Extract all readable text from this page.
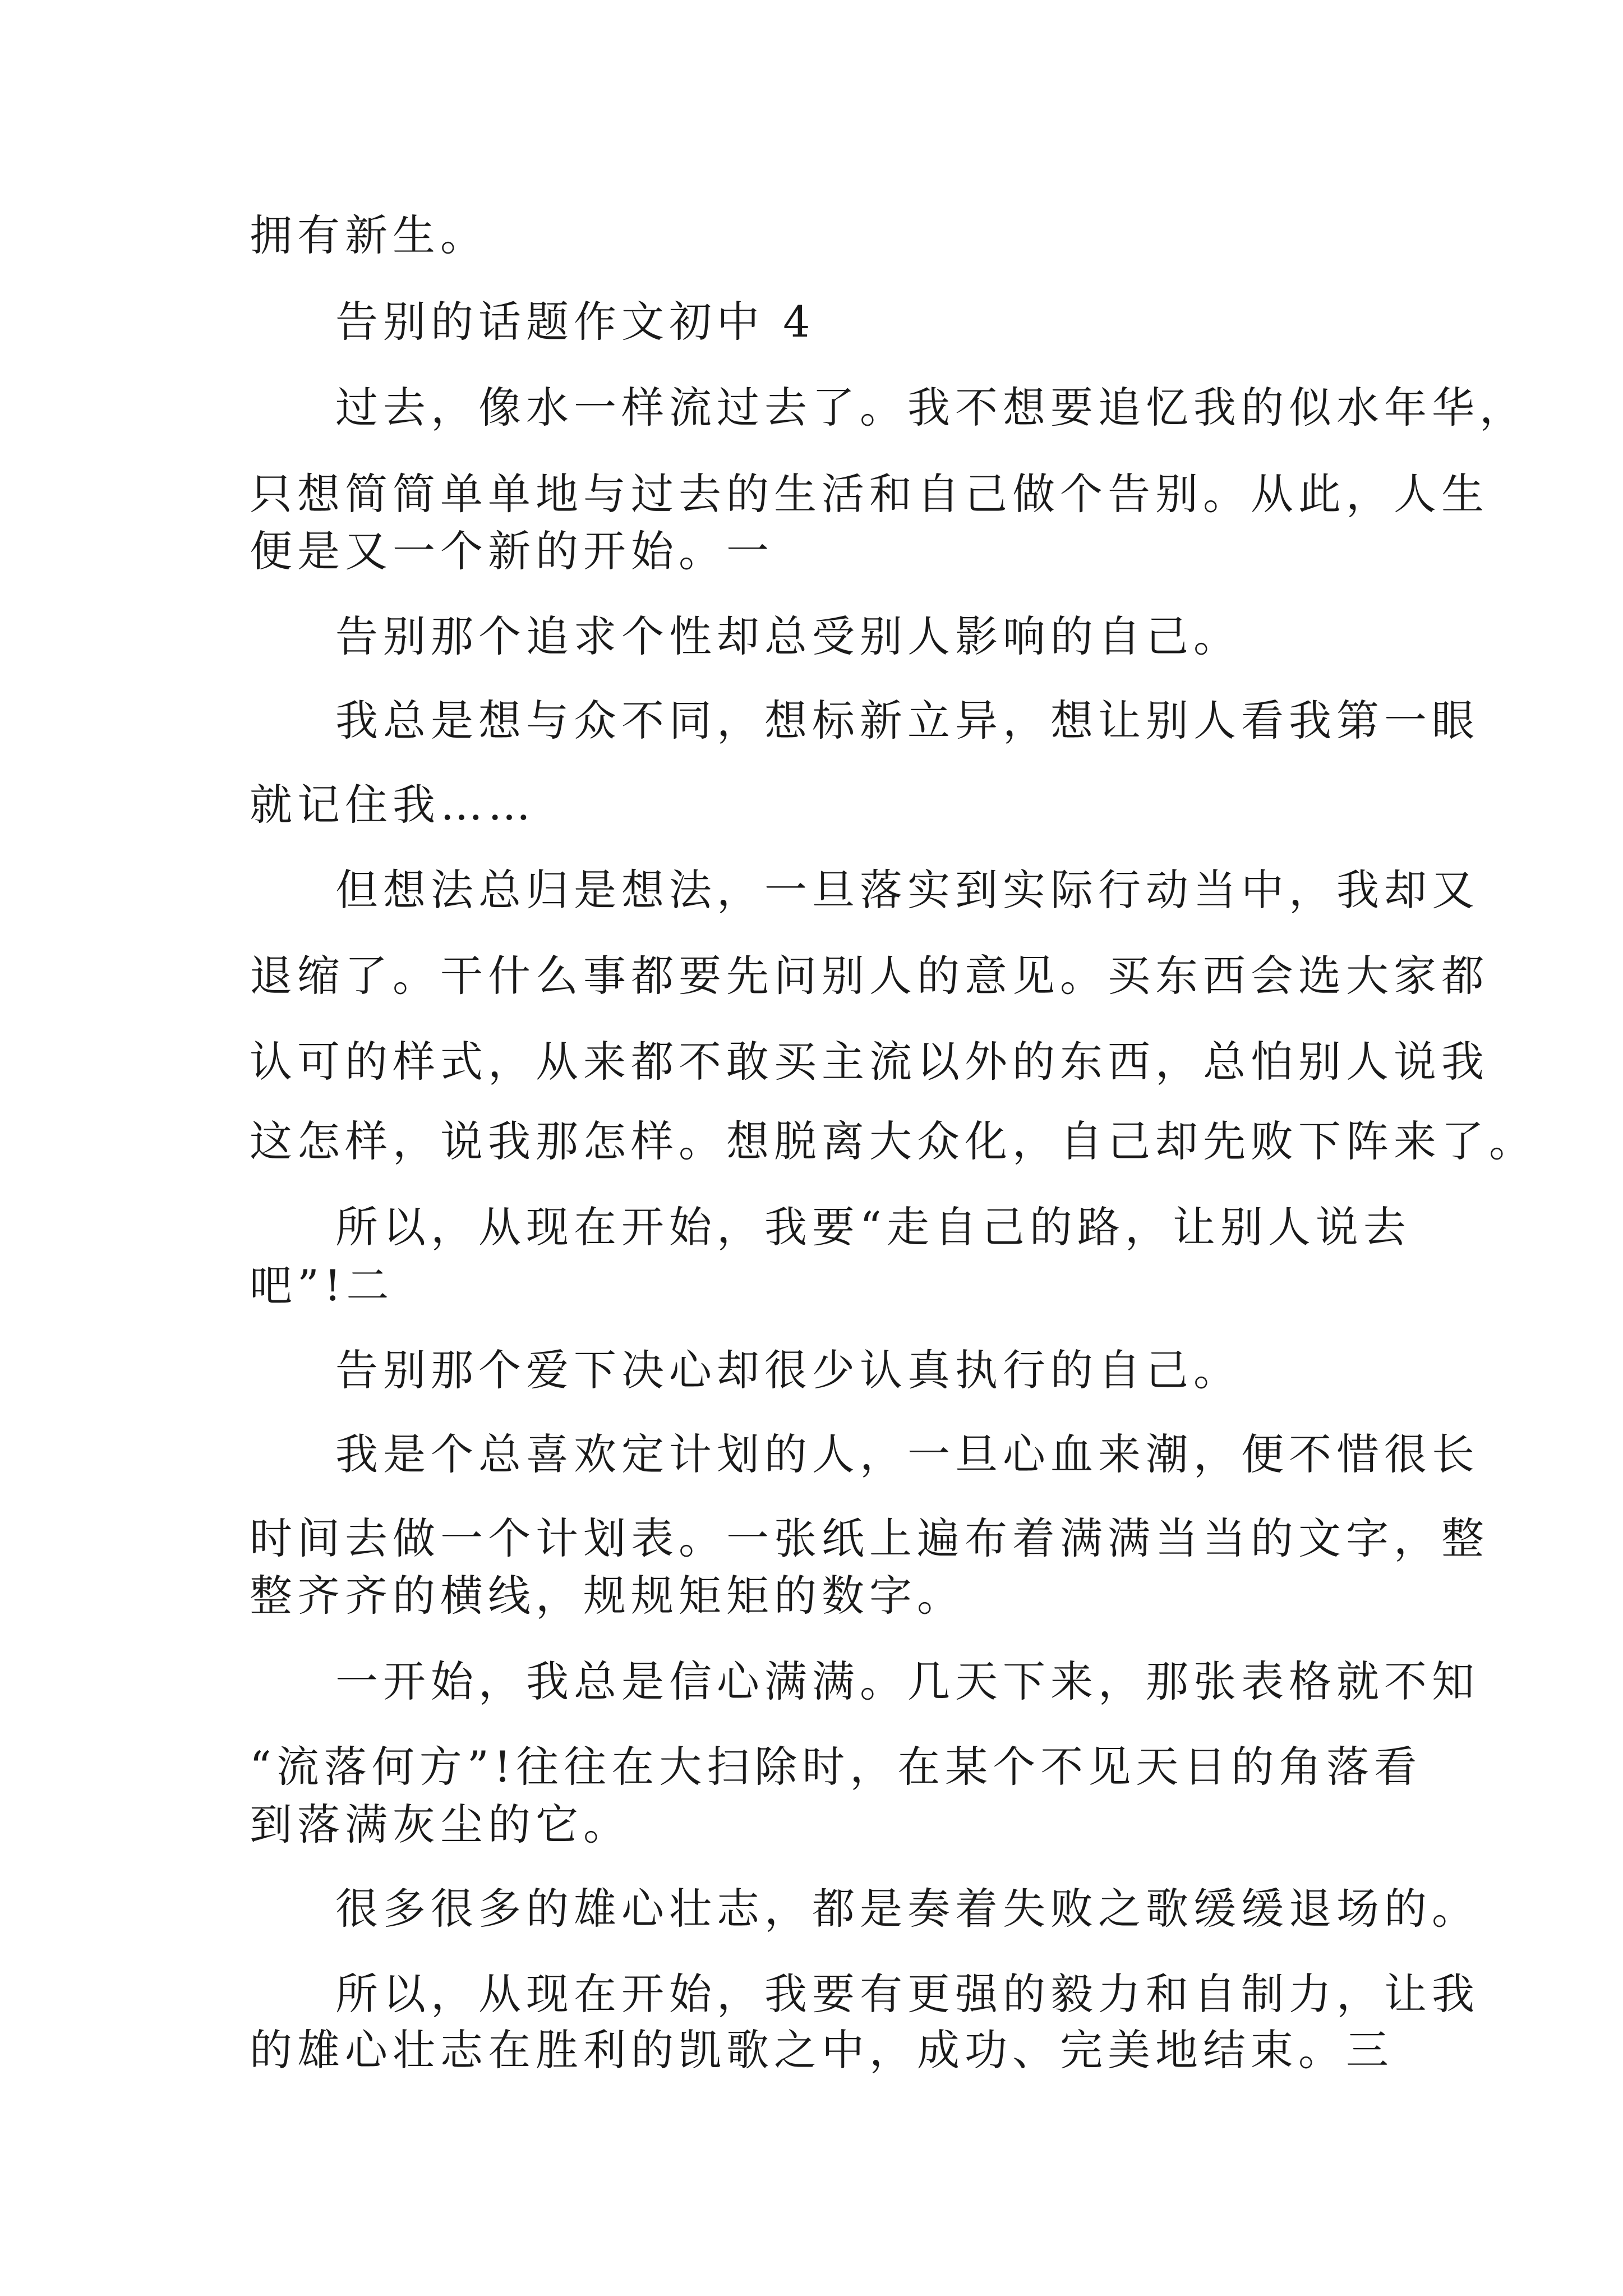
拥有新生。

告别的话题作文初中 4

过去，像水一样流过去了。我不想要追忆我的似水年华，

只想简简单单地与过去的生活和自己做个告别。从此，人生

便是又一个新的开始。一

告别那个追求个性却总受别人影响的自己。

我总是想与众不同，想标新立异，想让别人看我第一眼

就记住我……

但想法总归是想法，一旦落实到实际行动当中，我却又

退缩了。干什么事都要先问别人的意见。买东西会选大家都

认可的样式，从来都不敢买主流以外的东西，总怕别人说我

这怎样，说我那怎样。想脱离大众化，自己却先败下阵来了。

所以，从现在开始，我要“走自己的路，让别人说去

吧”!二

告别那个爱下决心却很少认真执行的自己。

我是个总喜欢定计划的人，一旦心血来潮，便不惜很长

时间去做一个计划表。一张纸上遍布着满满当当的文字，整

整齐齐的横线，规规矩矩的数字。

一开始，我总是信心满满。几天下来，那张表格就不知

“流落何方”!往往在大扫除时，在某个不见天日的角落看

到落满灰尘的它。

很多很多的雄心壮志，都是奏着失败之歌缓缓退场的。

所以，从现在开始，我要有更强的毅力和自制力，让我

的雄心壮志在胜利的凯歌之中，成功、完美地结束。三
